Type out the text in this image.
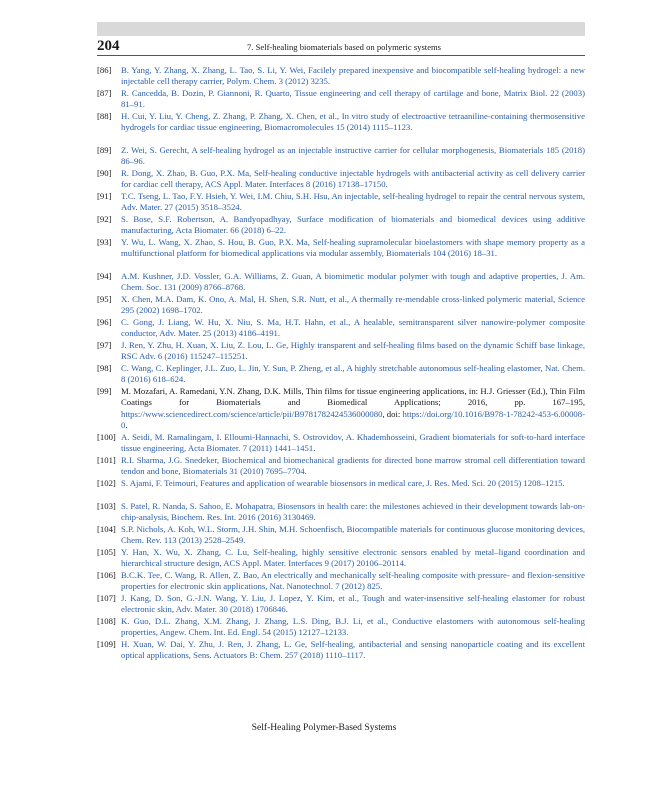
204	7. Self-healing biomaterials based on polymeric systems
[86] B. Yang, Y. Zhang, X. Zhang, L. Tao, S. Li, Y. Wei, Facilely prepared inexpensive and biocompatible self-healing hydrogel: a new injectable cell therapy carrier, Polym. Chem. 3 (2012) 3235.
[87] R. Cancedda, B. Dozin, P. Giannoni, R. Quarto, Tissue engineering and cell therapy of cartilage and bone, Matrix Biol. 22 (2003) 81–91.
[88] H. Cui, Y. Liu, Y. Cheng, Z. Zhang, P. Zhang, X. Chen, et al., In vitro study of electroactive tetraaniline-containing thermosensitive hydrogels for cardiac tissue engineering, Biomacromolecules 15 (2014) 1115–1123.
[89] Z. Wei, S. Gerecht, A self-healing hydrogel as an injectable instructive carrier for cellular morphogenesis, Biomaterials 185 (2018) 86–96.
[90] R. Dong, X. Zhao, B. Guo, P.X. Ma, Self-healing conductive injectable hydrogels with antibacterial activity as cell delivery carrier for cardiac cell therapy, ACS Appl. Mater. Interfaces 8 (2016) 17138–17150.
[91] T.C. Tseng, L. Tao, F.Y. Hsieh, Y. Wei, I.M. Chiu, S.H. Hsu, An injectable, self-healing hydrogel to repair the central nervous system, Adv. Mater. 27 (2015) 3518–3524.
[92] S. Bose, S.F. Robertson, A. Bandyopadhyay, Surface modification of biomaterials and biomedical devices using additive manufacturing, Acta Biomater. 66 (2018) 6–22.
[93] Y. Wu, L. Wang, X. Zhao, S. Hou, B. Guo, P.X. Ma, Self-healing supramolecular bioelastomers with shape memory property as a multifunctional platform for biomedical applications via modular assembly, Biomaterials 104 (2016) 18–31.
[94] A.M. Kushner, J.D. Vossler, G.A. Williams, Z. Guan, A biomimetic modular polymer with tough and adaptive properties, J. Am. Chem. Soc. 131 (2009) 8766–8768.
[95] X. Chen, M.A. Dam, K. Ono, A. Mal, H. Shen, S.R. Nutt, et al., A thermally re-mendable cross-linked polymeric material, Science 295 (2002) 1698–1702.
[96] C. Gong, J. Liang, W. Hu, X. Niu, S. Ma, H.T. Hahn, et al., A healable, semitransparent silver nanowire-polymer composite conductor, Adv. Mater. 25 (2013) 4186–4191.
[97] J. Ren, Y. Zhu, H. Xuan, X. Liu, Z. Lou, L. Ge, Highly transparent and self-healing films based on the dynamic Schiff base linkage, RSC Adv. 6 (2016) 115247–115251.
[98] C. Wang, C. Keplinger, J.L. Zuo, L. Jin, Y. Sun, P. Zheng, et al., A highly stretchable autonomous self-healing elastomer, Nat. Chem. 8 (2016) 618–624.
[99] M. Mozafari, A. Ramedani, Y.N. Zhang, D.K. Mills, Thin films for tissue engineering applications, in: H.J. Griesser (Ed.), Thin Film Coatings for Biomaterials and Biomedical Applications; 2016, pp. 167–195, https://www.sciencedirect.com/science/article/pii/B9781782424536000080, doi: https://doi.org/10.1016/B978-1-78242-453-6.00008-0.
[100] A. Seidi, M. Ramalingam, I. Elloumi-Hannachi, S. Ostrovidov, A. Khademhosseini, Gradient biomaterials for soft-to-hard interface tissue engineering, Acta Biomater. 7 (2011) 1441–1451.
[101] R.I. Sharma, J.G. Snedeker, Biochemical and biomechanical gradients for directed bone marrow stromal cell differentiation toward tendon and bone, Biomaterials 31 (2010) 7695–7704.
[102] S. Ajami, F. Teimouri, Features and application of wearable biosensors in medical care, J. Res. Med. Sci. 20 (2015) 1208–1215.
[103] S. Patel, R. Nanda, S. Sahoo, E. Mohapatra, Biosensors in health care: the milestones achieved in their development towards lab-on-chip-analysis, Biochem. Res. Int. 2016 (2016) 3130469.
[104] S.P. Nichols, A. Koh, W.L. Storm, J.H. Shin, M.H. Schoenfisch, Biocompatible materials for continuous glucose monitoring devices, Chem. Rev. 113 (2013) 2528–2549.
[105] Y. Han, X. Wu, X. Zhang, C. Lu, Self-healing, highly sensitive electronic sensors enabled by metal–ligand coordination and hierarchical structure design, ACS Appl. Mater. Interfaces 9 (2017) 20106–20114.
[106] B.C.K. Tee, C. Wang, R. Allen, Z. Bao, An electrically and mechanically self-healing composite with pressure- and flexion-sensitive properties for electronic skin applications, Nat. Nanotechnol. 7 (2012) 825.
[107] J. Kang, D. Son, G.-J.N. Wang, Y. Liu, J. Lopez, Y. Kim, et al., Tough and water-insensitive self-healing elastomer for robust electronic skin, Adv. Mater. 30 (2018) 1706846.
[108] K. Guo, D.L. Zhang, X.M. Zhang, J. Zhang, L.S. Ding, B.J. Li, et al., Conductive elastomers with autonomous self-healing properties, Angew. Chem. Int. Ed. Engl. 54 (2015) 12127–12133.
[109] H. Xuan, W. Dai, Y. Zhu, J. Ren, J. Zhang, L. Ge, Self-healing, antibacterial and sensing nanoparticle coating and its excellent optical applications, Sens. Actuators B: Chem. 257 (2018) 1110–1117.
Self-Healing Polymer-Based Systems
